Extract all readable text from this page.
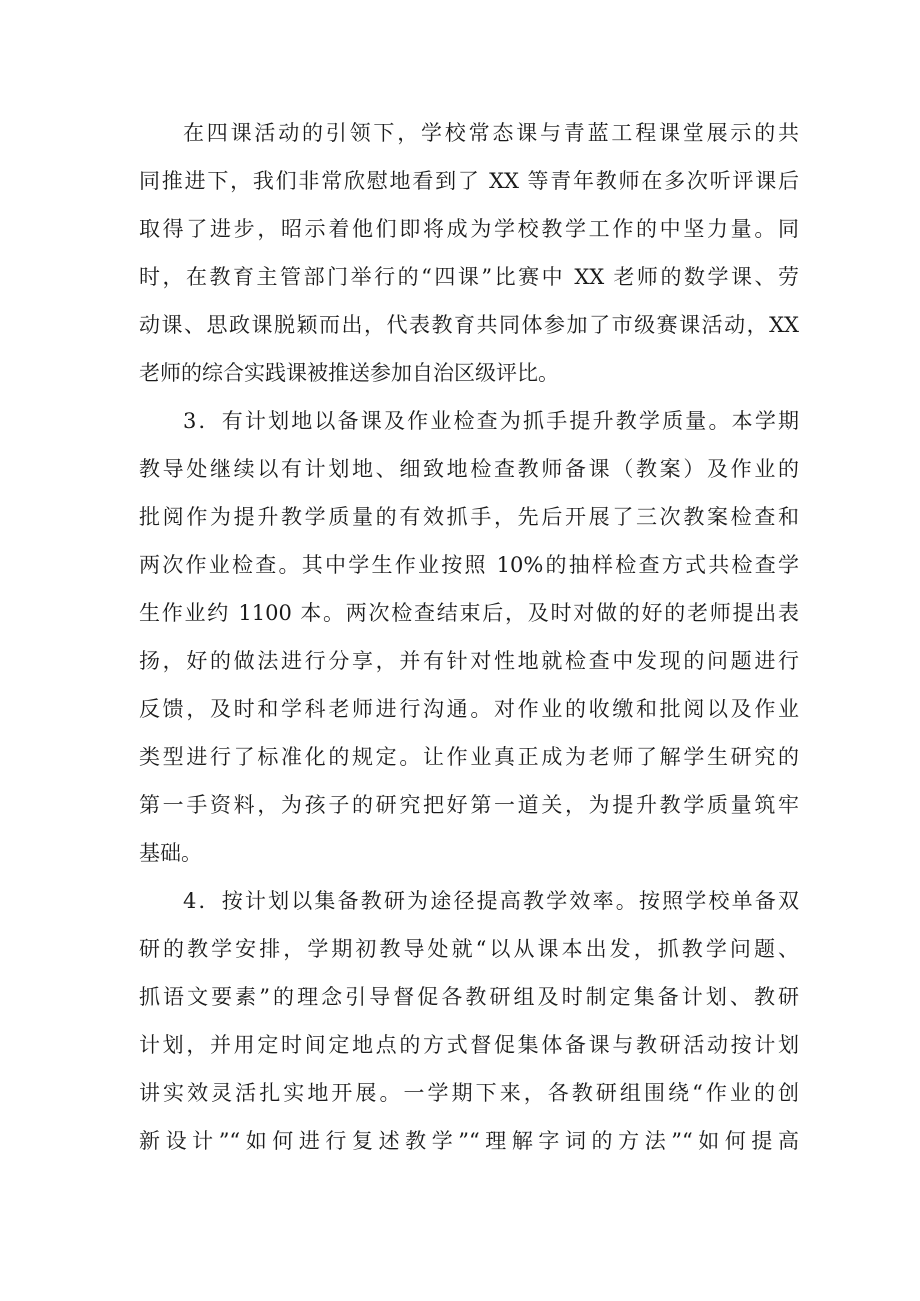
在四课活动的引领下，学校常态课与青蓝工程课堂展示的共
同推进下，我们非常欣慰地看到了 XX 等青年教师在多次听评课后
取得了进步，昭示着他们即将成为学校教学工作的中坚力量。同
时，在教育主管部门举行的“四课”比赛中 XX 老师的数学课、劳
动课、思政课脱颖而出，代表教育共同体参加了市级赛课活动，XX
老师的综合实践课被推送参加自治区级评比。
3．有计划地以备课及作业检查为抓手提升教学质量。本学期
教导处继续以有计划地、细致地检查教师备课（教案）及作业的
批阅作为提升教学质量的有效抓手，先后开展了三次教案检查和
两次作业检查。其中学生作业按照 10%的抽样检查方式共检查学
生作业约 1100 本。两次检查结束后，及时对做的好的老师提出表
扬，好的做法进行分享，并有针对性地就检查中发现的问题进行
反馈，及时和学科老师进行沟通。对作业的收缴和批阅以及作业
类型进行了标准化的规定。让作业真正成为老师了解学生研究的
第一手资料，为孩子的研究把好第一道关，为提升教学质量筑牢
基础。
4．按计划以集备教研为途径提高教学效率。按照学校单备双
研的教学安排，学期初教导处就“以从课本出发，抓教学问题、
抓语文要素”的理念引导督促各教研组及时制定集备计划、教研
计划，并用定时间定地点的方式督促集体备课与教研活动按计划
讲实效灵活扎实地开展。一学期下来，各教研组围绕“作业的创
新设计”“如何进行复述教学”“理解字词的方法”“如何提高
